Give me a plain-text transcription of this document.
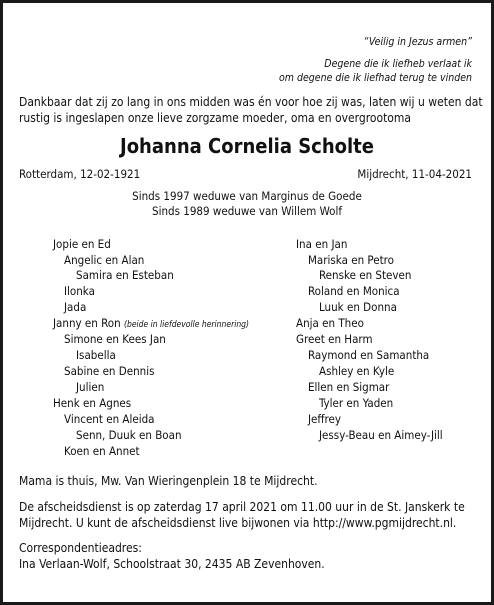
“Veilig in Jezus armen”
Degene die ik liefheb verlaat ik
om degene die ik liefhad terug te vinden
Dankbaar dat zij zo lang in ons midden was én voor hoe zij was, laten wij u weten dat
rustig is ingeslapen onze lieve zorgzame moeder, oma en overgrootoma
Johanna Cornelia Scholte
Rotterdam, 12-02-1921	Mijdrecht, 11-04-2021
Sinds 1997 weduwe van Marginus de Goede
Sinds 1989 weduwe van Willem Wolf
Jopie en Ed
Angelic en Alan
Samira en Esteban
Ilonka
Jada
Janny en Ron (beide in liefdevolle herinnering)
Simone en Kees Jan
Isabella
Sabine en Dennis
Julien
Henk en Agnes
Vincent en Aleida
Senn, Duuk en Boan
Koen en Annet
Ina en Jan
Mariska en Petro
Renske en Steven
Roland en Monica
Luuk en Donna
Anja en Theo
Greet en Harm
Raymond en Samantha
Ashley en Kyle
Ellen en Sigmar
Tyler en Yaden
Jeffrey
Jessy-Beau en Aimey-Jill
Mama is thuis, Mw. Van Wieringenplein 18 te Mijdrecht.
De afscheidsdienst is op zaterdag 17 april 2021 om 11.00 uur in de St. Janskerk te
Mijdrecht. U kunt de afscheidsdienst live bijwonen via http://www.pgmijdrecht.nl.
Correspondentieadres:
Ina Verlaan-Wolf, Schoolstraat 30, 2435 AB Zevenhoven.
